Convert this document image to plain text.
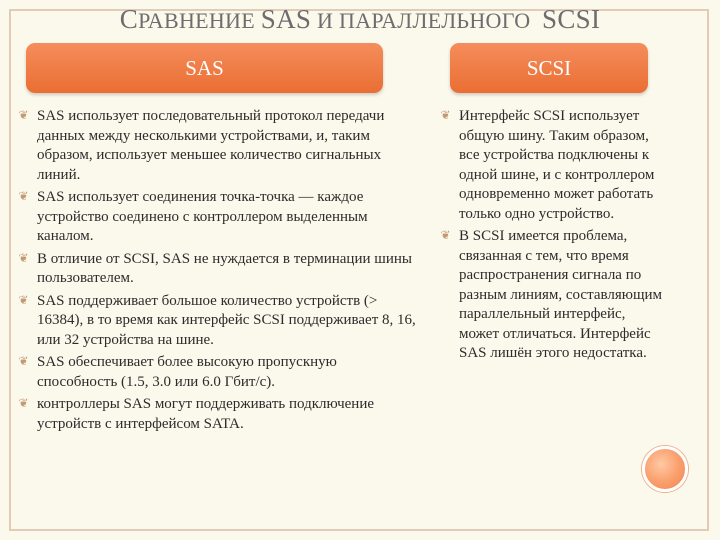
СРАВНЕНИЕ SAS И ПАРАЛЛЕЛЬНОГО SCSI
SAS	SCSI
❦ SAS использует последовательный протокол передачи данных между несколькими устройствами, и, таким образом, использует меньшее количество сигнальных линий.
❦ SAS использует соединения точка-точка — каждое устройство соединено с контроллером выделенным каналом.
❦ В отличие от SCSI, SAS не нуждается в терминации шины пользователем.
❦ SAS поддерживает большое количество устройств (> 16384), в то время как интерфейс SCSI поддерживает 8, 16, или 32 устройства на шине.
❦ SAS обеспечивает более высокую пропускную способность (1.5, 3.0 или 6.0 Гбит/с).
❦ контроллеры SAS могут поддерживать подключение устройств с интерфейсом SATA.
❦ Интерфейс SCSI использует общую шину. Таким образом, все устройства подключены к одной шине, и с контроллером одновременно может работать только одно устройство.
❦ В SCSI имеется проблема, связанная с тем, что время распространения сигнала по разным линиям, составляющим параллельный интерфейс, может отличаться. Интерфейс SAS лишён этого недостатка.
